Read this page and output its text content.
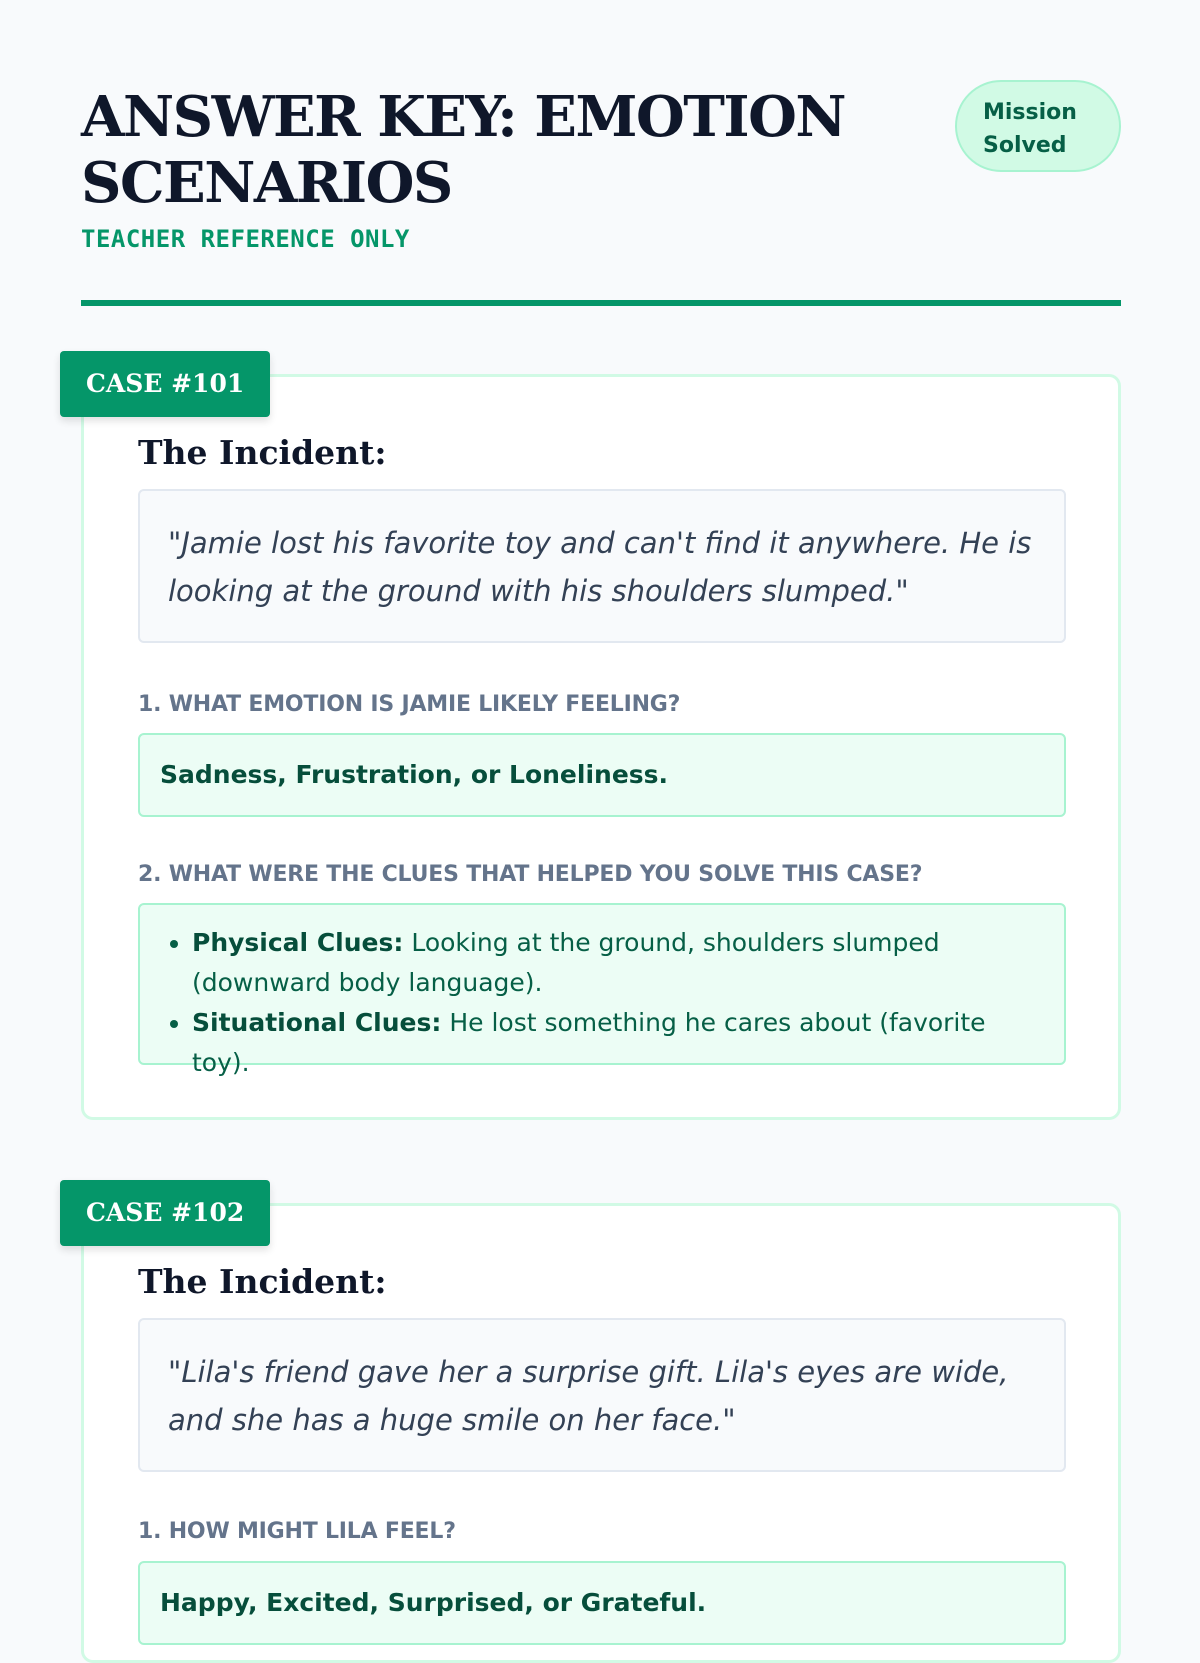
ANSWER KEY: EMOTION SCENARIOS
TEACHER REFERENCE ONLY
Mission Solved
CASE #101
The Incident:
"Jamie lost his favorite toy and can't find it anywhere. He is looking at the ground with his shoulders slumped."
1. WHAT EMOTION IS JAMIE LIKELY FEELING?
Sadness, Frustration, or Loneliness.
2. WHAT WERE THE CLUES THAT HELPED YOU SOLVE THIS CASE?
• Physical Clues: Looking at the ground, shoulders slumped (downward body language).
• Situational Clues: He lost something he cares about (favorite toy).
CASE #102
The Incident:
"Lila's friend gave her a surprise gift. Lila's eyes are wide, and she has a huge smile on her face."
1. HOW MIGHT LILA FEEL?
Happy, Excited, Surprised, or Grateful.
